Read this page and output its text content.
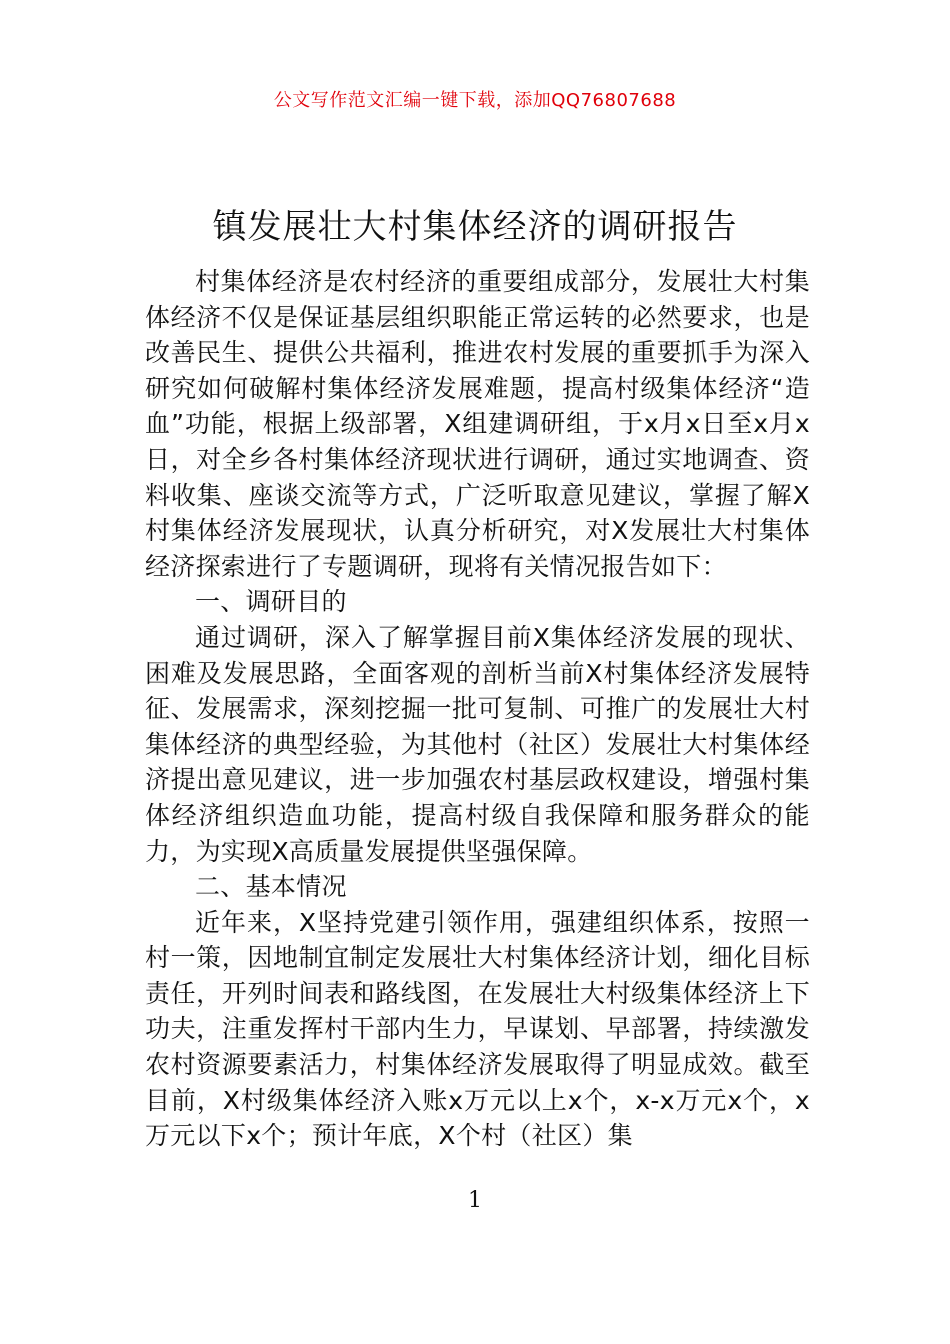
公文写作范文汇编一键下载，添加QQ76807688
镇发展壮大村集体经济的调研报告

村集体经济是农村经济的重要组成部分，发展壮大村集体经济不仅是保证基层组织职能正常运转的必然要求，也是改善民生、提供公共福利，推进农村发展的重要抓手为深入研究如何破解村集体经济发展难题，提高村级集体经济“造血”功能，根据上级部署，X组建调研组，于x月x日至x月x日，对全乡各村集体经济现状进行调研，通过实地调查、资料收集、座谈交流等方式，广泛听取意见建议，掌握了解X村集体经济发展现状，认真分析研究，对X发展壮大村集体经济探索进行了专题调研，现将有关情况报告如下：

一、调研目的

通过调研，深入了解掌握目前X集体经济发展的现状、困难及发展思路，全面客观的剖析当前X村集体经济发展特征、发展需求，深刻挖掘一批可复制、可推广的发展壮大村集体经济的典型经验，为其他村（社区）发展壮大村集体经济提出意见建议，进一步加强农村基层政权建设，增强村集体经济组织造血功能，提高村级自我保障和服务群众的能力，为实现X高质量发展提供坚强保障。

二、基本情况

近年来，X坚持党建引领作用，强建组织体系，按照一村一策，因地制宜制定发展壮大村集体经济计划，细化目标责任，开列时间表和路线图，在发展壮大村级集体经济上下功夫，注重发挥村干部内生力，早谋划、早部署，持续激发农村资源要素活力，村集体经济发展取得了明显成效。截至目前，X村级集体经济入账x万元以上x个，x-x万元x个，x万元以下x个；预计年底，X个村（社区）集

1
